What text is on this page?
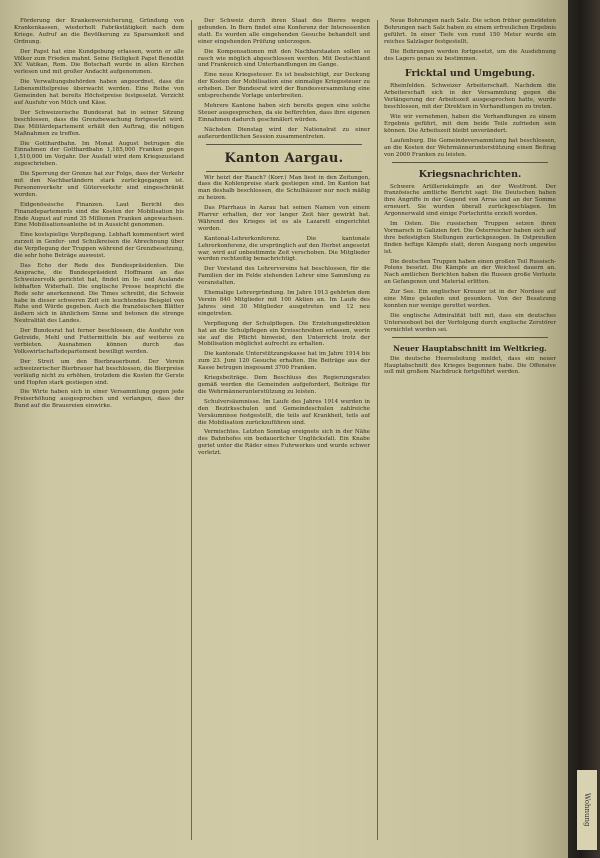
Förderung der Krankenversicherung, Gründung von Krankenkassen, wiederholt Fabrikstätigkeit nach dem Kriege. Aufruf an die Bevölkerung zu Sparsamkeit und Ordnung.

Der Papst hat eine Kundgebung erlassen, worin er alle Völker zum Frieden mahnt. Seine Heiligkeit Papst Benedikt XV. Vatikan, Rom. Die Botschaft wurde in allen Kirchen verlesen und mit großer Andacht aufgenommen.

Die Verwaltungsbehörden haben angeordnet, dass die Lebensmittelpreise überwacht werden. Eine Reihe von Gemeinden hat bereits Höchstpreise festgesetzt. Verzicht auf Ausfuhr von Milch und Käse.

Der Schweizerische Bundesrat hat in seiner Sitzung beschlossen, dass die Grenzbewachung fortgesetzt wird. Das Militärdepartement erhält den Auftrag, die nötigen Maßnahmen zu treffen.

Die Gotthardbahn. Im Monat August betrugen die Einnahmen der Gotthardbahn 1,185,000 Franken gegen 1,510,000 im Vorjahr. Der Ausfall wird dem Kriegszustand zugeschrieben.

Die Sperrung der Grenze hat zur Folge, dass der Verkehr mit den Nachbarländern stark zurückgegangen ist. Personenverkehr und Güterverkehr sind eingeschränkt worden.

Eidgenössische Finanzen. Laut Bericht des Finanzdepartements sind die Kosten der Mobilisation bis Ende August auf rund 35 Millionen Franken angewachsen. Eine Mobilisationsanleihe ist in Aussicht genommen.

Eine kostspielige Verpflegung. Lebhaft kommentiert wird zurzeit in Genfer- und Schulkreisen die Abrechnung über die Verpflegung der Truppen während der Grenzbesetzung, die sehr hohe Beträge ausweist.

Das Echo der Rede des Bundespräsidenten. Die Ansprache, die Bundespräsident Hoffmann an das Schweizervolk gerichtet hat, findet im In- und Auslande lebhaften Widerhall. Die englische Presse bespricht die Rede sehr anerkennend. Die Times schreibt, die Schweiz habe in dieser schweren Zeit ein leuchtendes Beispiel von Ruhe und Würde gegeben. Auch die französischen Blätter äußern sich in ähnlichem Sinne und betonen die strenge Neutralität des Landes.

Der Bundesrat hat ferner beschlossen, die Ausfuhr von Getreide, Mehl und Futtermitteln bis auf weiteres zu verbieten. Ausnahmen können durch das Volkswirtschaftsdepartement bewilligt werden.

Der Streit um den Bierbrauerbund. Der Verein schweizerischer Bierbrauer hat beschlossen, die Bierpreise vorläufig nicht zu erhöhen, trotzdem die Kosten für Gerste und Hopfen stark gestiegen sind.

Die Wirte haben sich in einer Versammlung gegen jede Preiserhöhung ausgesprochen und verlangen, dass der Bund auf die Brauereien einwirke.

Der Schweiz durch ihren Staat des Bieres wegen gebunden. In Bern findet eine Konferenz der Interessenten statt. Es wurden alle eingehenden Gesuche behandelt und einer eingehenden Prüfung unterzogen.

Die Kompensationen mit den Nachbarstaaten sollen so rasch wie möglich abgeschlossen werden. Mit Deutschland und Frankreich sind Unterhandlungen im Gange.

Eine neue Kriegssteuer. Es ist beabsichtigt, zur Deckung der Kosten der Mobilisation eine einmalige Kriegssteuer zu erheben. Der Bundesrat wird der Bundesversammlung eine entsprechende Vorlage unterbreiten.

Mehrere Kantone haben sich bereits gegen eine solche Steuer ausgesprochen, da sie befürchten, dass ihre eigenen Einnahmen dadurch geschmälert würden.

Nächsten Dienstag wird der Nationalrat zu einer außerordentlichen Session zusammentreten.

Kanton Aargau.

Wir heizt der Rauch? (Korr.) Man liest in den Zeitungen, dass die Kohlenpreise stark gestiegen sind. Im Kanton hat man deshalb beschlossen, die Schulhäuser nur noch mäßig zu heizen.

Das Pfarrhaus in Aarau hat seinen Namen von einem Pfarrer erhalten, der vor langer Zeit hier gewirkt hat. Während des Krieges ist es als Lazarett eingerichtet worden.

Kantonal-Lehrerkonferenz. Die kantonale Lehrerkonferenz, die ursprünglich auf den Herbst angesetzt war, wird auf unbestimmte Zeit verschoben. Die Mitglieder werden rechtzeitig benachrichtigt.

Der Vorstand des Lehrervereins hat beschlossen, für die Familien der im Felde stehenden Lehrer eine Sammlung zu veranstalten.

Ehemalige Lehrergründung. Im Jahre 1913 gehörten dem Verein 840 Mitglieder mit 100 Aktien an. Im Laufe des Jahres sind 30 Mitglieder ausgetreten und 12 neu eingetreten.

Verpflegung der Schulpflegen. Die Erziehungsdirektion hat an die Schulpflegen ein Kreisschreiben erlassen, worin sie auf die Pflicht hinweist, den Unterricht trotz der Mobilisation möglichst aufrecht zu erhalten.

Die kantonale Unterstützungskasse hat im Jahre 1914 bis zum 23. Juni 120 Gesuche erhalten. Die Beiträge aus der Kasse betrugen insgesamt 3700 Franken.

Kriegsbeiträge. Dem Beschluss des Regierungsrates gemäß werden die Gemeinden aufgefordert, Beiträge für die Wehrmännerunterstützung zu leisten.

Schulversäumnisse. Im Laufe des Jahres 1914 wurden in den Bezirksschulen und Gemeindeschulen zahlreiche Versäumnisse festgestellt, die teils auf Krankheit, teils auf die Mobilisation zurückzuführen sind.

Vermischtes. Letzten Sonntag ereignete sich in der Nähe des Bahnhofes ein bedauerlicher Unglücksfall. Ein Knabe geriet unter die Räder eines Fuhrwerkes und wurde schwer verletzt.

Neue Bohrungen nach Salz. Die schon früher gemeldeten Bohrungen nach Salz haben zu einem erfreulichen Ergebnis geführt. In einer Tiefe von rund 150 Meter wurde ein reiches Salzlager festgestellt.

Die Bohrungen werden fortgesetzt, um die Ausdehnung des Lagers genau zu bestimmen.

Fricktal und Umgebung.

Rheinfelden. Schweizer Arbeiterschaft. Nachdem die Arbeiterschaft sich in der Versammlung gegen die Verlängerung der Arbeitszeit ausgesprochen hatte, wurde beschlossen, mit der Direktion in Verhandlungen zu treten.

Wie wir vernehmen, haben die Verhandlungen zu einem Ergebnis geführt, mit dem beide Teile zufrieden sein können. Die Arbeitszeit bleibt unverändert.

Laufenburg. Die Gemeindeversammlung hat beschlossen, an die Kosten der Wehrmännerunterstützung einen Beitrag von 2000 Franken zu leisten.

Kriegsnachrichten.

Schwere Artilleriekämpfe an der Westfront. Der französische amtliche Bericht sagt: Die Deutschen haben ihre Angriffe in der Gegend von Arras und an der Somme erneuert. Sie wurden überall zurückgeschlagen. Im Argonnerwald sind einige Fortschritte erzielt worden.

Im Osten. Die russischen Truppen setzen ihren Vormarsch in Galizien fort. Die Österreicher haben sich auf ihre befestigten Stellungen zurückgezogen. In Ostpreußen finden heftige Kämpfe statt, deren Ausgang noch ungewiss ist.

Die deutschen Truppen haben einen großen Teil Russisch-Polens besetzt. Die Kämpfe an der Weichsel dauern an. Nach amtlichen Berichten haben die Russen große Verluste an Gefangenen und Material erlitten.

Zur See. Ein englischer Kreuzer ist in der Nordsee auf eine Mine gelaufen und gesunken. Von der Besatzung konnten nur wenige gerettet werden.

Die englische Admiralität teilt mit, dass ein deutsches Unterseeboot bei der Verfolgung durch englische Zerstörer vernichtet worden sei.

Neuer Hauptabschnitt im Weltkrieg.

Die deutsche Heeresleitung meldet, dass ein neuer Hauptabschnitt des Krieges begonnen habe. Die Offensive soll mit großem Nachdruck fortgeführt werden.

Wohnung
